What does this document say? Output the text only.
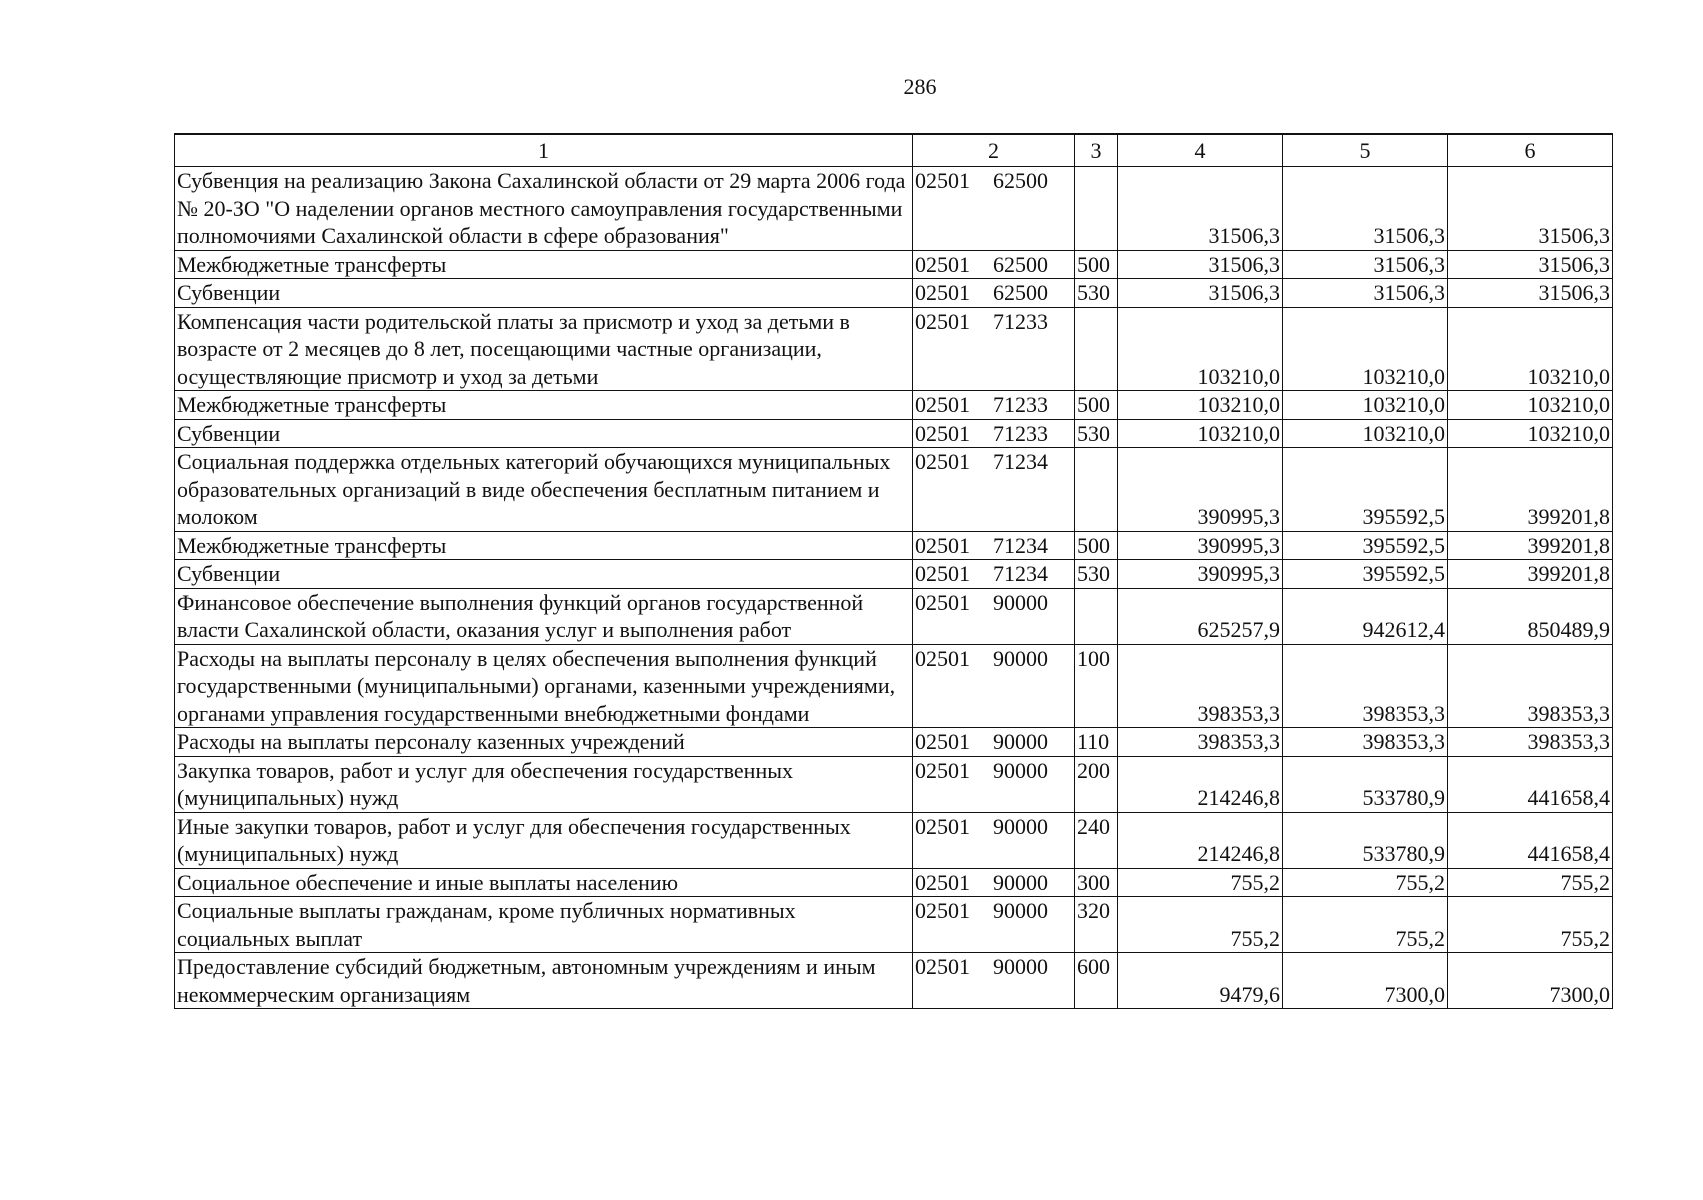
286
1	2	3	4	5	6
Субвенция на реализацию Закона Сахалинской области от 29 марта 2006 года № 20-ЗО "О наделении органов местного самоуправления государственными полномочиями Сахалинской области в сфере образования"	02501 62500		31506,3	31506,3	31506,3
Межбюджетные трансферты	02501 62500	500	31506,3	31506,3	31506,3
Субвенции	02501 62500	530	31506,3	31506,3	31506,3
Компенсация части родительской платы за присмотр и уход за детьми в возрасте от 2 месяцев до 8 лет, посещающими частные организации, осуществляющие присмотр и уход за детьми	02501 71233		103210,0	103210,0	103210,0
Межбюджетные трансферты	02501 71233	500	103210,0	103210,0	103210,0
Субвенции	02501 71233	530	103210,0	103210,0	103210,0
Социальная поддержка отдельных категорий обучающихся муниципальных образовательных организаций в виде обеспечения бесплатным питанием и молоком	02501 71234		390995,3	395592,5	399201,8
Межбюджетные трансферты	02501 71234	500	390995,3	395592,5	399201,8
Субвенции	02501 71234	530	390995,3	395592,5	399201,8
Финансовое обеспечение выполнения функций органов государственной власти Сахалинской области, оказания услуг и выполнения работ	02501 90000		625257,9	942612,4	850489,9
Расходы на выплаты персоналу в целях обеспечения выполнения функций государственными (муниципальными) органами, казенными учреждениями, органами управления государственными внебюджетными фондами	02501 90000	100	398353,3	398353,3	398353,3
Расходы на выплаты персоналу казенных учреждений	02501 90000	110	398353,3	398353,3	398353,3
Закупка товаров, работ и услуг для обеспечения государственных (муниципальных) нужд	02501 90000	200	214246,8	533780,9	441658,4
Иные закупки товаров, работ и услуг для обеспечения государственных (муниципальных) нужд	02501 90000	240	214246,8	533780,9	441658,4
Социальное обеспечение и иные выплаты населению	02501 90000	300	755,2	755,2	755,2
Социальные выплаты гражданам, кроме публичных нормативных социальных выплат	02501 90000	320	755,2	755,2	755,2
Предоставление субсидий бюджетным, автономным учреждениям и иным некоммерческим организациям	02501 90000	600	9479,6	7300,0	7300,0
